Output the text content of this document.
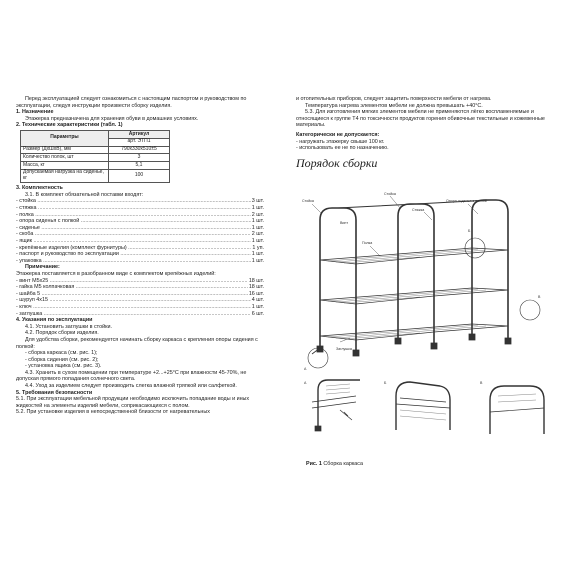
Перед эксплуатацией следует ознакомиться с настоящим паспортом и руководством по эксплуатации, следуя инструкции произвести сборку изделия.
1. Назначение
Этажерка предназначена для хранения обуви в домашних условиях.
2. Технические характеристики (табл. 1)
Параметры	Артикул
	арт. ЭТП1
Размер (ДхШхВ), мм	790х330х510±5
Количество полок, шт	3
Масса, кг	5,1
Допускаемая нагрузка на сиденье, кг	100
3. Комплектность
3.1. В комплект обязательной поставки входят:
- стойка .....	3 шт.
- стяжка .....	1 шт.
- полка .....	2 шт.
- опора сиденья с полкой .....	1 шт.
- сиденье .....	1 шт.
- скоба .....	2 шт.
- ящик .....	1 шт.
- крепёжные изделия (комплект фурнитуры) .....	1 уп.
- паспорт и руководство по эксплуатации .....	1 шт.
- упаковка .....	1 шт.
Примечание:
Этажерка поставляется в разобранном виде с комплектом крепёжных изделий:
- винт М5х25 .....	18 шт.
- гайка М5 колпачковая .....	18 шт.
- шайба 5 .....	16 шт.
- шуруп 4х15 .....	4 шт.
- ключ .....	1 шт.
- заглушка .....	6 шт.
4. Указания по эксплуатации
4.1. Установить заглушки в стойки.
4.2. Порядок сборки изделия.
Для удобства сборки, рекомендуется начинать сборку каркаса с крепления опоры сидения с полкой:
- сборка каркаса (см. рис. 1);
- сборка сидения (см. рис. 2);
- установка ящика (см. рис. 3).
4.3. Хранить в сухом помещении при температуре +2...+25°С при влажности 45-70%, не допуская прямого попадания солнечного света.
4.4. Уход за изделием следует производить слегка влажной тряпкой или салфеткой.
5. Требования безопасности
5.1. При эксплуатации мебельной продукции необходимо исключить попадание воды и иных жидкостей на элементы изделий мебели, соприкасающихся с полом.
5.2. При установке изделия в непосредственной близости от нагревательных
и отопительных приборов, следует защитить поверхности мебели от нагрева.
Температура нагрева элементов мебели не должна превышать +40°С.
5.3. Для изготовления мягких элементов мебели не применяются лёгко воспламеняемые и относящиеся к группе Т4 по токсичности продуктов горения обивочные текстильные и кожевенные материалы.
Категорически не допускается:
- нагружать этажерку свыше 100 кг.
- использовать ее не по назначению.
Порядок сборки
Стойка
Стойка
Стяжка
Опора сиденья с полкой
Полка
Заглушка
Винт
А
Б
В
А	Б	В
Рис. 1 Сборка каркаса
